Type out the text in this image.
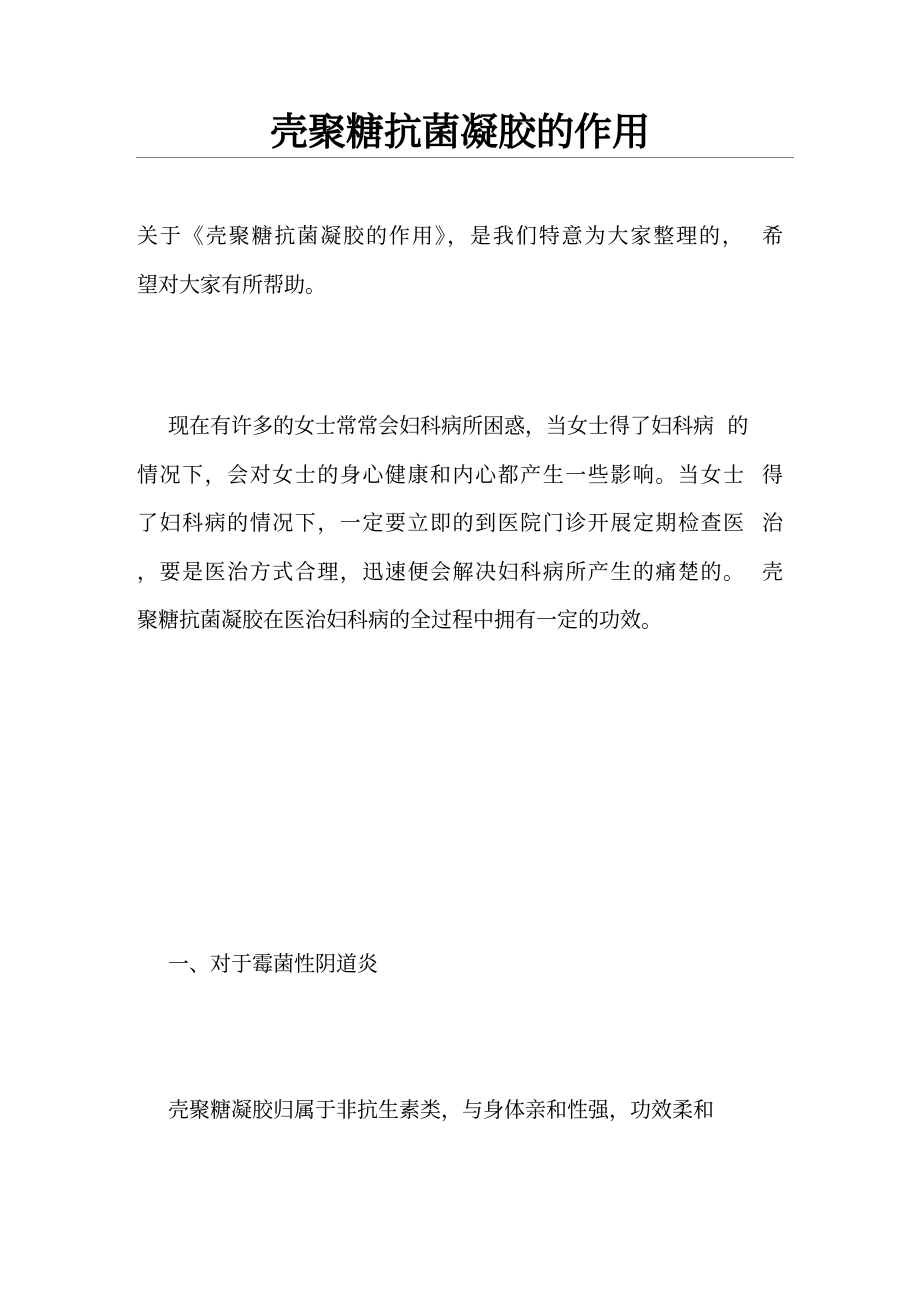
壳聚糖抗菌凝胶的作用
关于《壳聚糖抗菌凝胶的作用》，是我们特意为大家整理的，  希
望对大家有所帮助。
现在有许多的女士常常会妇科病所困惑，当女士得了妇科病  的
情况下，会对女士的身心健康和内心都产生一些影响。当女士  得
了妇科病的情况下，一定要立即的到医院门诊开展定期检查医  治
，要是医治方式合理，迅速便会解决妇科病所产生的痛楚的。  壳
聚糖抗菌凝胶在医治妇科病的全过程中拥有一定的功效。
一、对于霉菌性阴道炎
壳聚糖凝胶归属于非抗生素类，与身体亲和性强，功效柔和
